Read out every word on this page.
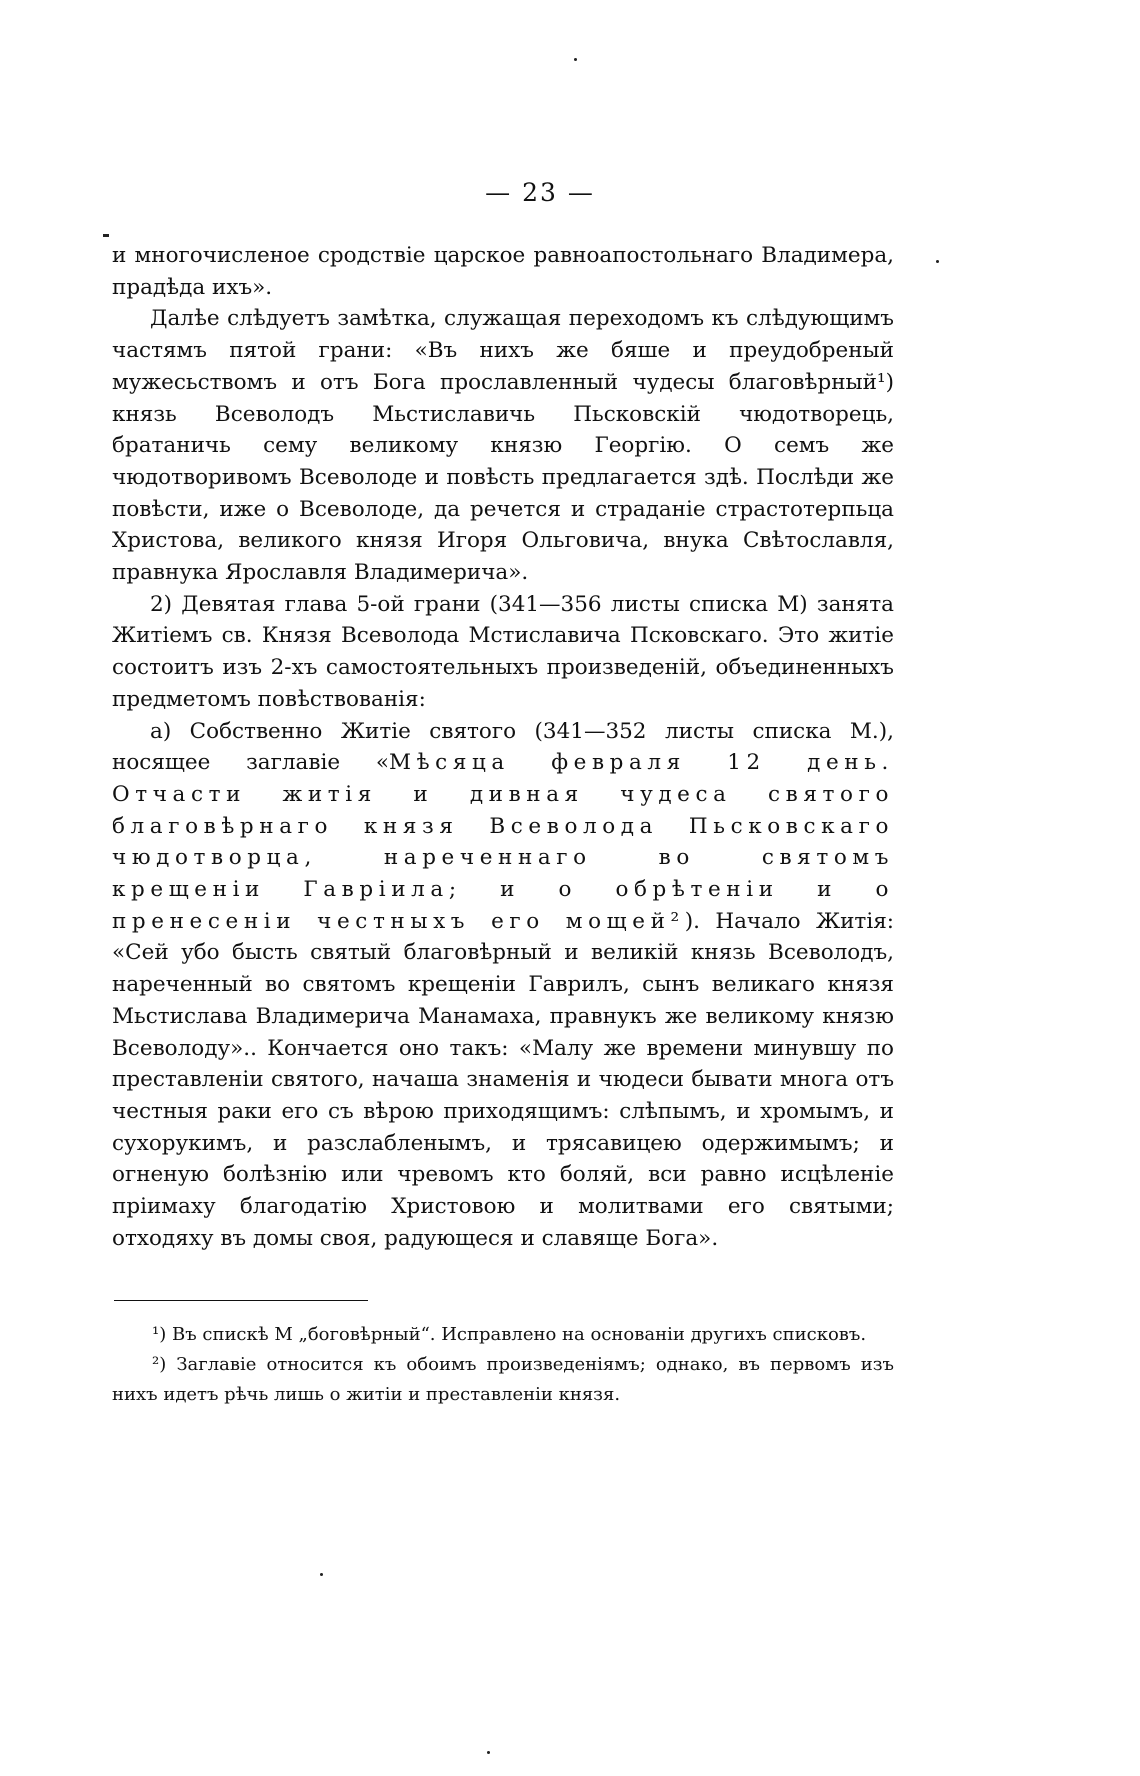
— 23 —

и многочисленое сродствіе царское равноапостольнаго Владимера, прадѣда ихъ».

Далѣе слѣдуетъ замѣтка, служащая переходомъ къ слѣдующимъ частямъ пятой грани: «Въ нихъ же бяше и преудобреный мужесьствомъ и отъ Бога прославленный чудесы благовѣрный¹) князь Всеволодъ Мьстиславичь Пьсковскій чюдотворець, братаничь сему великому князю Георгію. О семъ же чюдотворивомъ Всеволоде и повѣсть предлагается здѣ. Послѣди же повѣсти, иже о Всеволоде, да речется и страданіе страстотерпьца Христова, великого князя Игоря Ольговича, внука Свѣтославля, правнука Ярославля Владимерича».

2) Девятая глава 5-ой грани (341—356 листы списка М) занята Житіемъ св. Князя Всеволода Мстиславича Псковскаго. Это житіе состоитъ изъ 2-хъ самостоятельныхъ произведеній, объединенныхъ предметомъ повѣствованія:

а) Собственно Житіе святого (341—352 листы списка М.), носящее заглавіе «Мѣсяца февраля 12 день. Отчасти житія и дивная чудеса святого благовѣрнаго князя Всеволода Пьсковскаго чюдотворца, нареченнаго во святомъ крещеніи Гавріила; и о обрѣтеніи и о пренесеніи честныхъ его мощей²). Начало Житія: «Сей убо бысть святый благовѣрный и великій князь Всеволодъ, нареченный во святомъ крещеніи Гаврилъ, сынъ великаго князя Мьстислава Владимерича Манамаха, правнукъ же великому князю Всеволоду».. Кончается оно такъ: «Малу же времени минувшу по преставленіи святого, начаша знаменія и чюдеси бывати многа отъ честныя раки его съ вѣрою приходящимъ: слѣпымъ, и хромымъ, и сухорукимъ, и разслабленымъ, и трясавицею одержимымъ; и огненую болѣзнію или чревомъ кто боляй, вси равно исцѣленіе пріимаху благодатію Христовою и молитвами его святыми; отходяху въ домы своя, радующеся и славяще Бога».

¹) Въ спискѣ М „боговѣрный“. Исправлено на основаніи другихъ списковъ.

²) Заглавіе относится къ обоимъ произведеніямъ; однако, въ первомъ изъ нихъ идетъ рѣчь лишь о житіи и преставленіи князя.
